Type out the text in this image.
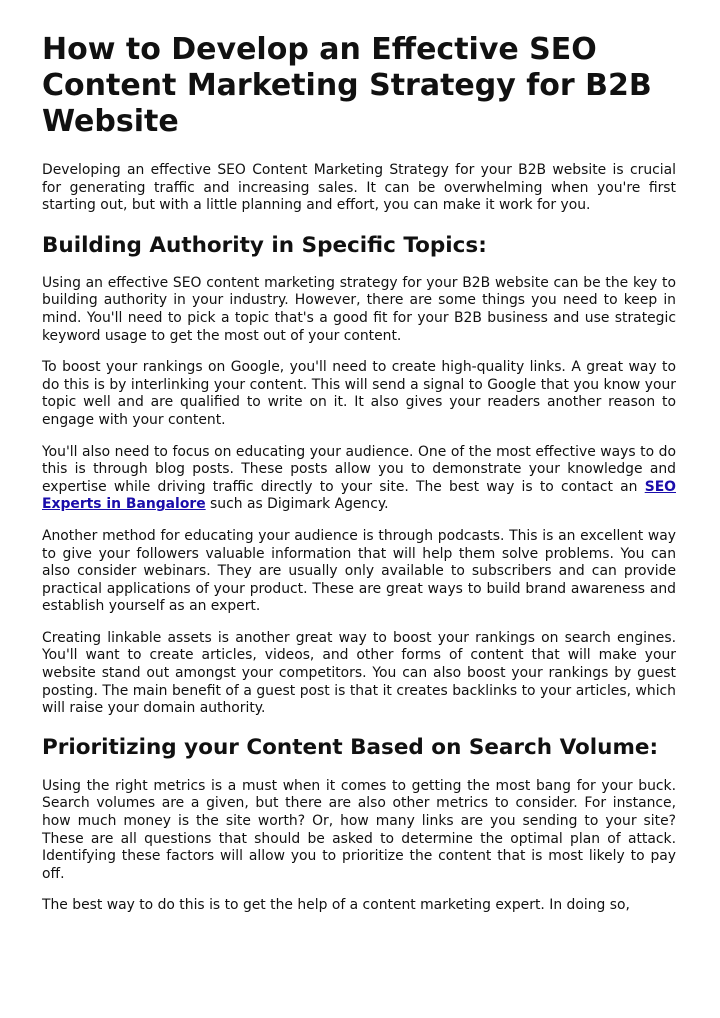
How to Develop an Effective SEO Content Marketing Strategy for B2B Website

Developing an effective SEO Content Marketing Strategy for your B2B website is crucial for generating traffic and increasing sales. It can be overwhelming when you're first starting out, but with a little planning and effort, you can make it work for you.

Building Authority in Specific Topics:

Using an effective SEO content marketing strategy for your B2B website can be the key to building authority in your industry. However, there are some things you need to keep in mind. You'll need to pick a topic that's a good fit for your B2B business and use strategic keyword usage to get the most out of your content.

To boost your rankings on Google, you'll need to create high-quality links. A great way to do this is by interlinking your content. This will send a signal to Google that you know your topic well and are qualified to write on it. It also gives your readers another reason to engage with your content.

You'll also need to focus on educating your audience. One of the most effective ways to do this is through blog posts. These posts allow you to demonstrate your knowledge and expertise while driving traffic directly to your site. The best way is to contact an SEO Experts in Bangalore such as Digimark Agency.

Another method for educating your audience is through podcasts. This is an excellent way to give your followers valuable information that will help them solve problems. You can also consider webinars. They are usually only available to subscribers and can provide practical applications of your product. These are great ways to build brand awareness and establish yourself as an expert.

Creating linkable assets is another great way to boost your rankings on search engines. You'll want to create articles, videos, and other forms of content that will make your website stand out amongst your competitors. You can also boost your rankings by guest posting. The main benefit of a guest post is that it creates backlinks to your articles, which will raise your domain authority.

Prioritizing your Content Based on Search Volume:

Using the right metrics is a must when it comes to getting the most bang for your buck. Search volumes are a given, but there are also other metrics to consider. For instance, how much money is the site worth? Or, how many links are you sending to your site? These are all questions that should be asked to determine the optimal plan of attack. Identifying these factors will allow you to prioritize the content that is most likely to pay off.

The best way to do this is to get the help of a content marketing expert. In doing so,
